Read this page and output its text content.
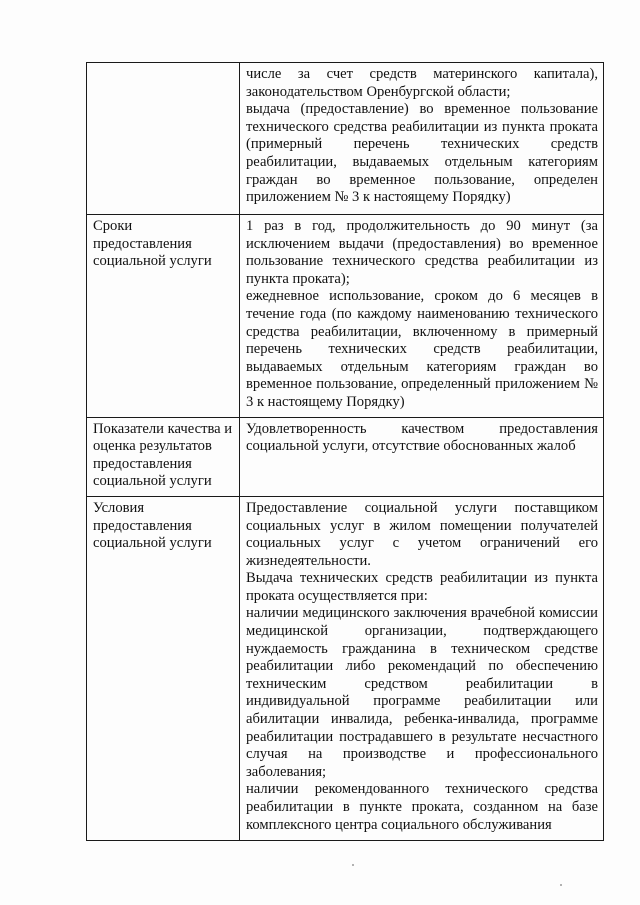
	числе за счет средств материнского капитала), законодательством Оренбургской области;
выдача (предоставление) во временное пользование технического средства реабилитации из пункта проката (примерный перечень технических средств реабилитации, выдаваемых отдельным категориям граждан во временное пользование, определен приложением № 3 к настоящему Порядку)

Сроки предоставления социальной услуги	1 раз в год, продолжительность до 90 минут (за исключением выдачи (предоставления) во временное пользование технического средства реабилитации из пункта проката);
ежедневное использование, сроком до 6 месяцев в течение года (по каждому наименованию технического средства реабилитации, включенному в примерный перечень технических средств реабилитации, выдаваемых отдельным категориям граждан во временное пользование, определенный приложением № 3 к настоящему Порядку)

Показатели качества и оценка результатов предоставления социальной услуги	Удовлетворенность качеством предоставления социальной услуги, отсутствие обоснованных жалоб

Условия предоставления социальной услуги	Предоставление социальной услуги поставщиком социальных услуг в жилом помещении получателей социальных услуг с учетом ограничений его жизнедеятельности.
Выдача технических средств реабилитации из пункта проката осуществляется при:
наличии медицинского заключения врачебной комиссии медицинской организации, подтверждающего нуждаемость гражданина в техническом средстве реабилитации либо рекомендаций по обеспечению техническим средством реабилитации в индивидуальной программе реабилитации или абилитации инвалида, ребенка-инвалида, программе реабилитации пострадавшего в результате несчастного случая на производстве и профессионального заболевания;
наличии рекомендованного технического средства реабилитации в пункте проката, созданном на базе комплексного центра социального обслуживания
